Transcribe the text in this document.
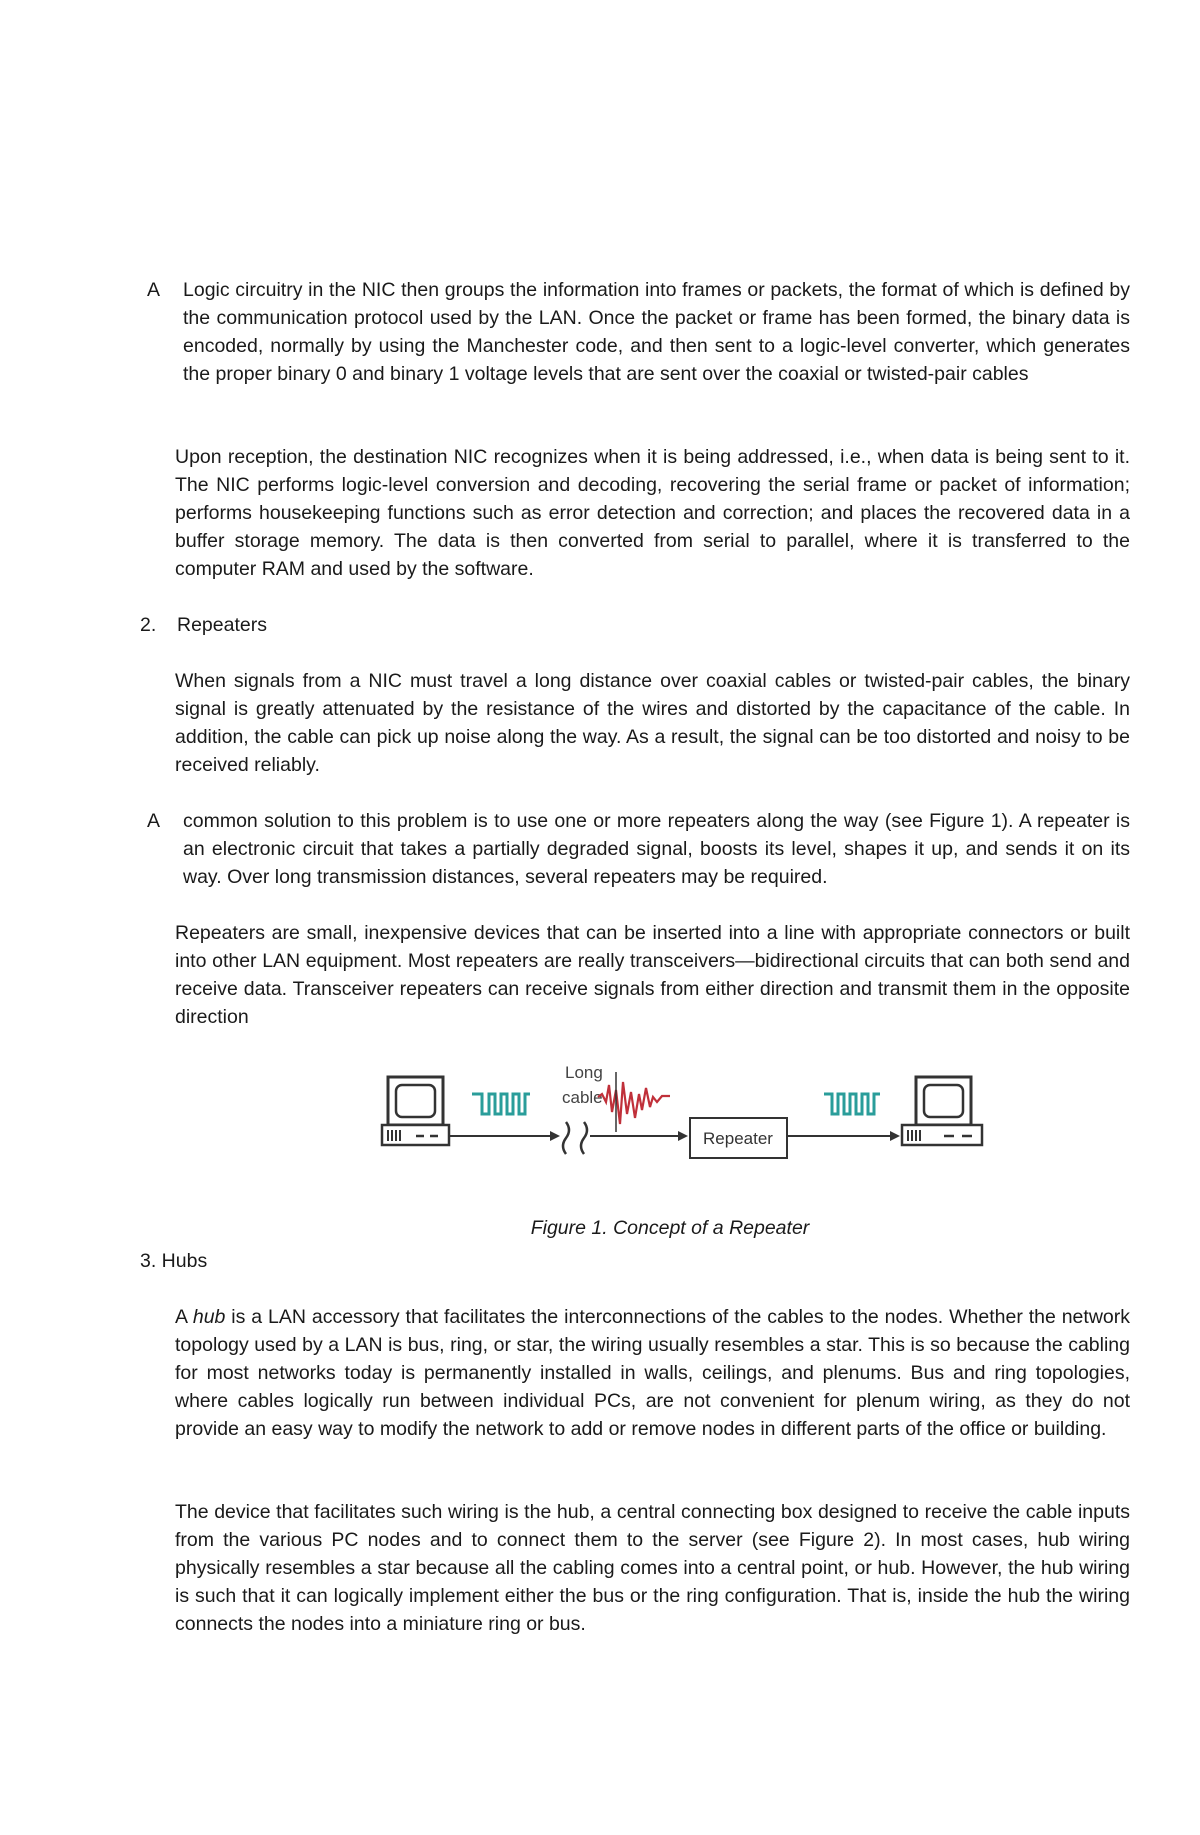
A Logic circuitry in the NIC then groups the information into frames or packets, the format of which is defined by the communication protocol used by the LAN. Once the packet or frame has been formed, the binary data is encoded, normally by using the Manchester code, and then sent to a logic-level converter, which generates the proper binary 0 and binary 1 voltage levels that are sent over the coaxial or twisted-pair cables

Upon reception, the destination NIC recognizes when it is being addressed, i.e., when data is being sent to it. The NIC performs logic-level conversion and decoding, recovering the serial frame or packet of information; performs housekeeping functions such as error detection and correction; and places the recovered data in a buffer storage memory. The data is then converted from serial to parallel, where it is transferred to the computer RAM and used by the software.

2. Repeaters

When signals from a NIC must travel a long distance over coaxial cables or twisted-pair cables, the binary signal is greatly attenuated by the resistance of the wires and distorted by the capacitance of the cable. In addition, the cable can pick up noise along the way. As a result, the signal can be too distorted and noisy to be received reliably.

A common solution to this problem is to use one or more repeaters along the way (see Figure 1). A repeater is an electronic circuit that takes a partially degraded signal, boosts its level, shapes it up, and sends it on its way. Over long transmission distances, several repeaters may be required.

Repeaters are small, inexpensive devices that can be inserted into a line with appropriate connectors or built into other LAN equipment. Most repeaters are really transceivers—bidirectional circuits that can both send and receive data. Transceiver repeaters can receive signals from either direction and transmit them in the opposite direction

Long
cable
Repeater

Figure 1. Concept of a Repeater

3. Hubs

A hub is a LAN accessory that facilitates the interconnections of the cables to the nodes. Whether the network topology used by a LAN is bus, ring, or star, the wiring usually resembles a star. This is so because the cabling for most networks today is permanently installed in walls, ceilings, and plenums. Bus and ring topologies, where cables logically run between individual PCs, are not convenient for plenum wiring, as they do not provide an easy way to modify the network to add or remove nodes in different parts of the office or building.

The device that facilitates such wiring is the hub, a central connecting box designed to receive the cable inputs from the various PC nodes and to connect them to the server (see Figure 2). In most cases, hub wiring physically resembles a star because all the cabling comes into a central point, or hub. However, the hub wiring is such that it can logically implement either the bus or the ring configuration. That is, inside the hub the wiring connects the nodes into a miniature ring or bus.
